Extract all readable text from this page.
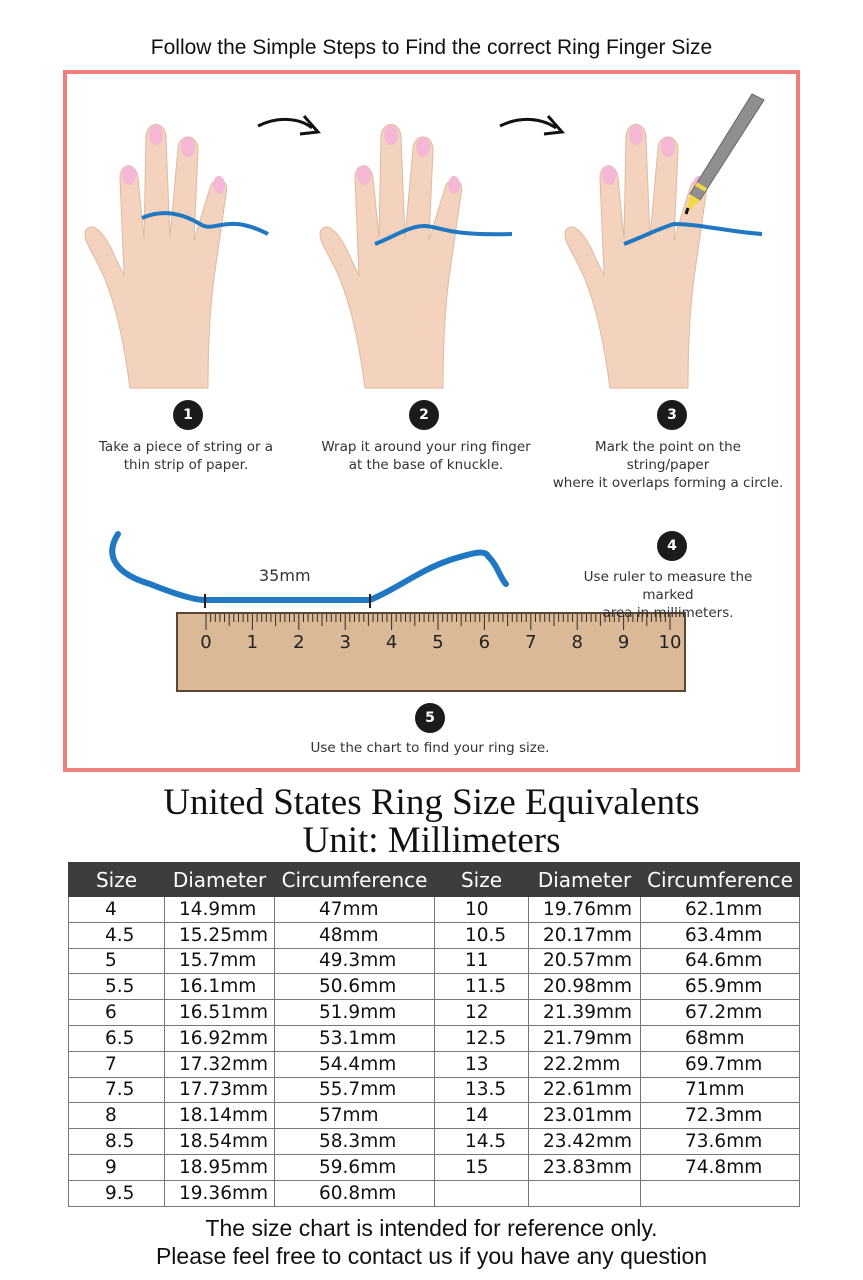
Follow the Simple Steps to Find the correct Ring Finger Size
35mm
0 1 2 3 4 5 6 7 8 9 10
1
Take a piece of string or a
thin strip of paper.
2
Wrap it around your ring finger
at the base of knuckle.
3
Mark the point on the string/paper
where it overlaps forming a circle.
4
Use ruler to measure the marked
area in millimeters.
5
Use the chart to find your ring size.
United States Ring Size Equivalents
Unit: Millimeters
Size	Diameter	Circumference	Size	Diameter	Circumference
4	14.9mm	47mm	10	19.76mm	62.1mm
4.5	15.25mm	48mm	10.5	20.17mm	63.4mm
5	15.7mm	49.3mm	11	20.57mm	64.6mm
5.5	16.1mm	50.6mm	11.5	20.98mm	65.9mm
6	16.51mm	51.9mm	12	21.39mm	67.2mm
6.5	16.92mm	53.1mm	12.5	21.79mm	68mm
7	17.32mm	54.4mm	13	22.2mm	69.7mm
7.5	17.73mm	55.7mm	13.5	22.61mm	71mm
8	18.14mm	57mm	14	23.01mm	72.3mm
8.5	18.54mm	58.3mm	14.5	23.42mm	73.6mm
9	18.95mm	59.6mm	15	23.83mm	74.8mm
9.5	19.36mm	60.8mm			
The size chart is intended for reference only.
Please feel free to contact us if you have any question
